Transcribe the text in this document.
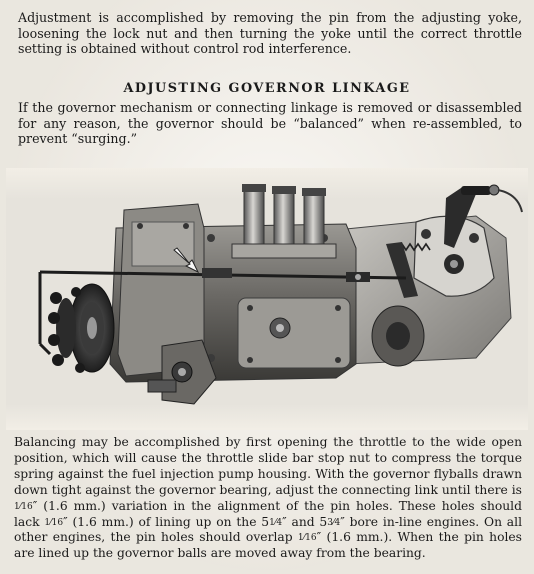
Adjustment is accomplished by removing the pin from the adjusting yoke, loosening the lock nut and then turning the yoke until the correct throttle setting is obtained without control rod interference.

ADJUSTING GOVERNOR LINKAGE

If the governor mechanism or connecting linkage is removed or disassembled for any reason, the governor should be “balanced” when re-assembled, to prevent “surging.”

Balancing may be accomplished by first opening the throttle to the wide open position, which will cause the throttle slide bar stop nut to compress the torque spring against the fuel injection pump housing. With the governor flyballs drawn down tight against the governor bearing, adjust the connecting link until there is 1⁄16″ (1.6 mm.) variation in the alignment of the pin holes. These holes should lack 1⁄16″ (1.6 mm.) of lining up on the 51⁄4″ and 53⁄4″ bore in-line engines. On all other engines, the pin holes should overlap 1⁄16″ (1.6 mm.). When the pin holes are lined up the governor balls are moved away from the bearing.
